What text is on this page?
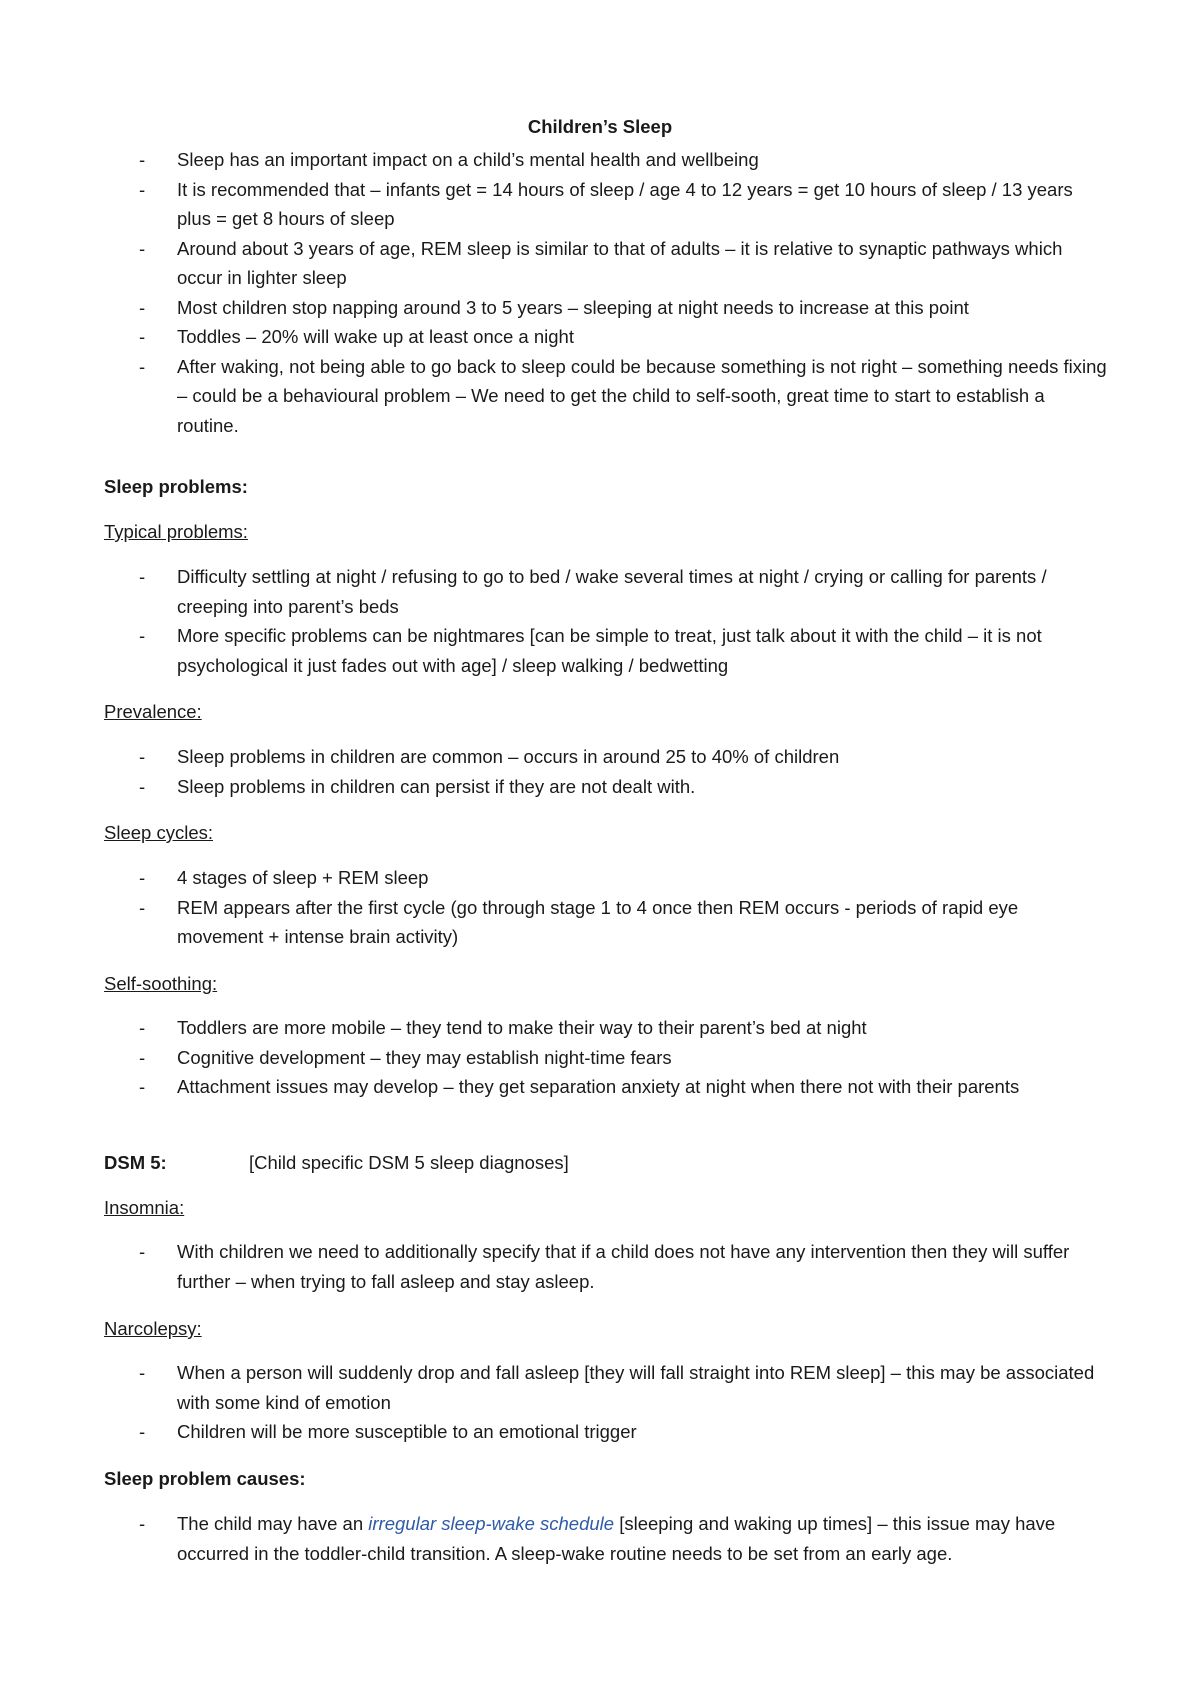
Children’s Sleep
- Sleep has an important impact on a child’s mental health and wellbeing
- It is recommended that – infants get = 14 hours of sleep / age 4 to 12 years = get 10 hours of sleep / 13 years plus = get 8 hours of sleep
- Around about 3 years of age, REM sleep is similar to that of adults – it is relative to synaptic pathways which occur in lighter sleep
- Most children stop napping around 3 to 5 years – sleeping at night needs to increase at this point
- Toddles – 20% will wake up at least once a night
- After waking, not being able to go back to sleep could be because something is not right – something needs fixing – could be a behavioural problem – We need to get the child to self-sooth, great time to start to establish a routine.
Sleep problems:
Typical problems:
- Difficulty settling at night / refusing to go to bed / wake several times at night / crying or calling for parents / creeping into parent’s beds
- More specific problems can be nightmares [can be simple to treat, just talk about it with the child – it is not psychological it just fades out with age] / sleep walking / bedwetting
Prevalence:
- Sleep problems in children are common – occurs in around 25 to 40% of children
- Sleep problems in children can persist if they are not dealt with.
Sleep cycles:
- 4 stages of sleep + REM sleep
- REM appears after the first cycle (go through stage 1 to 4 once then REM occurs - periods of rapid eye movement + intense brain activity)
Self-soothing:
- Toddlers are more mobile – they tend to make their way to their parent’s bed at night
- Cognitive development – they may establish night-time fears
- Attachment issues may develop – they get separation anxiety at night when there not with their parents
DSM 5:	[Child specific DSM 5 sleep diagnoses]
Insomnia:
- With children we need to additionally specify that if a child does not have any intervention then they will suffer further – when trying to fall asleep and stay asleep.
Narcolepsy:
- When a person will suddenly drop and fall asleep [they will fall straight into REM sleep] – this may be associated with some kind of emotion
- Children will be more susceptible to an emotional trigger
Sleep problem causes:
- The child may have an irregular sleep-wake schedule [sleeping and waking up times] – this issue may have occurred in the toddler-child transition. A sleep-wake routine needs to be set from an early age.
